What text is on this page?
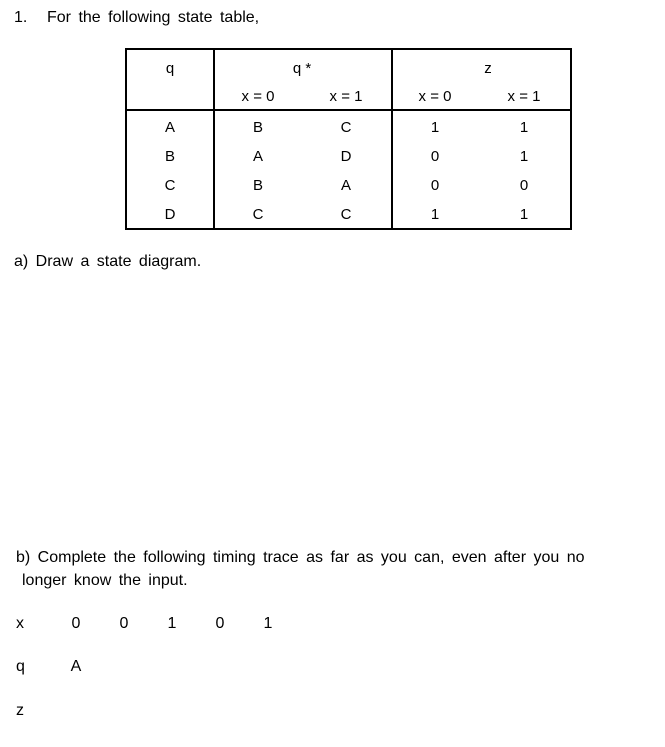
1. For the following state table,
q	q *	z
x = 0	x = 1	x = 0	x = 1
A	B	C	1	1
B	A	D	0	1
C	B	A	0	0
D	C	C	1	1
a) Draw a state diagram.
b) Complete the following timing trace as far as you can, even after you no
longer know the input.
x	0 0 1 0 1
q	A
z
